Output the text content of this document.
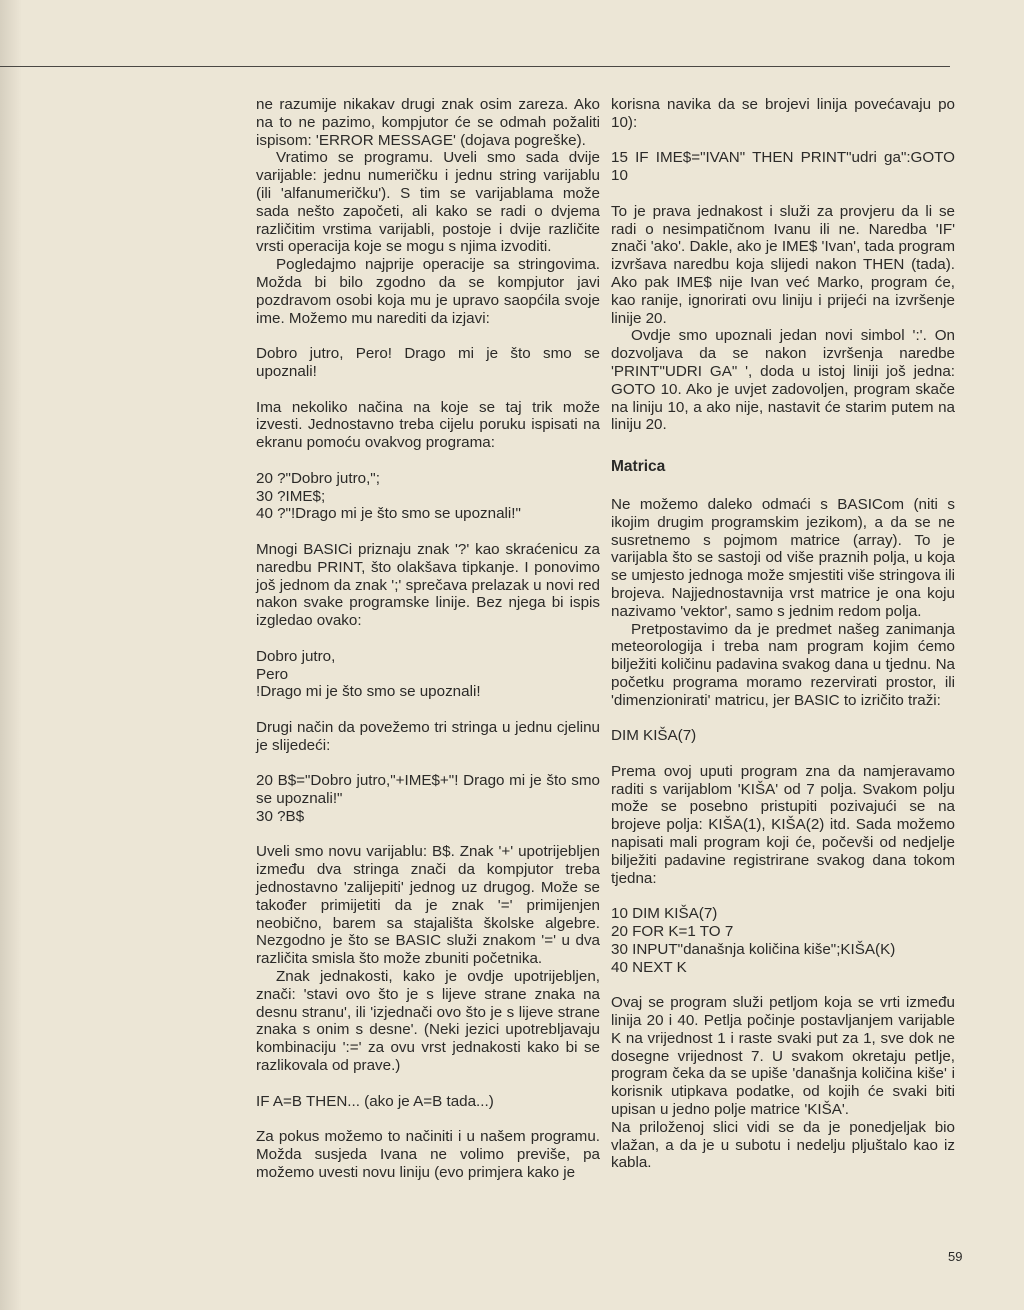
ne razumije nikakav drugi znak osim zareza. Ako na to ne pazimo, kompjutor će se odmah požaliti ispisom: 'ERROR MESSAGE' (dojava pogreške).

Vratimo se programu. Uveli smo sada dvije varijable: jednu numeričku i jednu string varijablu (ili 'alfanumeričku'). S tim se varijablama može sada nešto započeti, ali kako se radi o dvjema različitim vrstima varijabli, postoje i dvije različite vrsti operacija koje se mogu s njima izvoditi.

Pogledajmo najprije operacije sa stringovima. Možda bi bilo zgodno da se kompjutor javi pozdravom osobi koja mu je upravo saopćila svoje ime. Možemo mu narediti da izjavi:

Dobro jutro, Pero! Drago mi je što smo se upoznali!

Ima nekoliko načina na koje se taj trik može izvesti. Jednostavno treba cijelu poruku ispisati na ekranu pomoću ovakvog programa:

20 ?"Dobro jutro,";

30 ?IME$;

40 ?"!Drago mi je što smo se upoznali!"

Mnogi BASICi priznaju znak '?' kao skraćenicu za naredbu PRINT, što olakšava tipkanje. I ponovimo još jednom da znak ';' sprečava prelazak u novi red nakon svake programske linije. Bez njega bi ispis izgledao ovako:

Dobro jutro,

Pero

!Drago mi je što smo se upoznali!

Drugi način da povežemo tri stringa u jednu cjelinu je slijedeći:

20 B$="Dobro jutro,"+IME$+"! Drago mi je što smo se upoznali!"

30 ?B$

Uveli smo novu varijablu: B$. Znak '+' upotrijebljen između dva stringa znači da kompjutor treba jednostavno 'zalijepiti' jednog uz drugog. Može se također primijetiti da je znak '=' primijenjen neobično, barem sa stajališta školske algebre. Nezgodno je što se BASIC služi znakom '=' u dva različita smisla što može zbuniti početnika.

Znak jednakosti, kako je ovdje upotrijebljen, znači: 'stavi ovo što je s lijeve strane znaka na desnu stranu', ili 'izjednači ovo što je s lijeve strane znaka s onim s desne'. (Neki jezici upotrebljavaju kombinaciju ':=' za ovu vrst jednakosti kako bi se razlikovala od prave.)

IF A=B THEN... (ako je A=B tada...)

Za pokus možemo to načiniti i u našem programu. Možda susjeda Ivana ne volimo previše, pa možemo uvesti novu liniju (evo primjera kako je

korisna navika da se brojevi linija povećavaju po 10):

15 IF IME$="IVAN" THEN PRINT"udri ga":GOTO 10

To je prava jednakost i služi za provjeru da li se radi o nesimpatičnom Ivanu ili ne. Naredba 'IF' znači 'ako'. Dakle, ako je IME$ 'Ivan', tada program izvršava naredbu koja slijedi nakon THEN (tada). Ako pak IME$ nije Ivan već Marko, program će, kao ranije, ignorirati ovu liniju i prijeći na izvršenje linije 20.

Ovdje smo upoznali jedan novi simbol ':'. On dozvoljava da se nakon izvršenja naredbe 'PRINT"UDRI GA" ', doda u istoj liniji još jedna: GOTO 10. Ako je uvjet zadovoljen, program skače na liniju 10, a ako nije, nastavit će starim putem na liniju 20.

Matrica

Ne možemo daleko odmaći s BASICom (niti s ikojim drugim programskim jezikom), a da se ne susretnemo s pojmom matrice (array). To je varijabla što se sastoji od više praznih polja, u koja se umjesto jednoga može smjestiti više stringova ili brojeva. Najjednostavnija vrst matrice je ona koju nazivamo 'vektor', samo s jednim redom polja.

Pretpostavimo da je predmet našeg zanimanja meteorologija i treba nam program kojim ćemo bilježiti količinu padavina svakog dana u tjednu. Na početku programa moramo rezervirati prostor, ili 'dimenzionirati' matricu, jer BASIC to izričito traži:

DIM KIŠA(7)

Prema ovoj uputi program zna da namjeravamo raditi s varijablom 'KIŠA' od 7 polja. Svakom polju može se posebno pristupiti pozivajući se na brojeve polja: KIŠA(1), KIŠA(2) itd. Sada možemo napisati mali program koji će, počevši od nedjelje bilježiti padavine registrirane svakog dana tokom tjedna:

10 DIM KIŠA(7)

20 FOR K=1 TO 7

30 INPUT"današnja količina kiše";KIŠA(K)

40 NEXT K

Ovaj se program služi petljom koja se vrti između linija 20 i 40. Petlja počinje postavljanjem varijable K na vrijednost 1 i raste svaki put za 1, sve dok ne dosegne vrijednost 7. U svakom okretaju petlje, program čeka da se upiše 'današnja količina kiše' i korisnik utipkava podatke, od kojih će svaki biti upisan u jedno polje matrice 'KIŠA'.

Na priloženoj slici vidi se da je ponedjeljak bio vlažan, a da je u subotu i nedelju pljuštalo kao iz kabla.

59
